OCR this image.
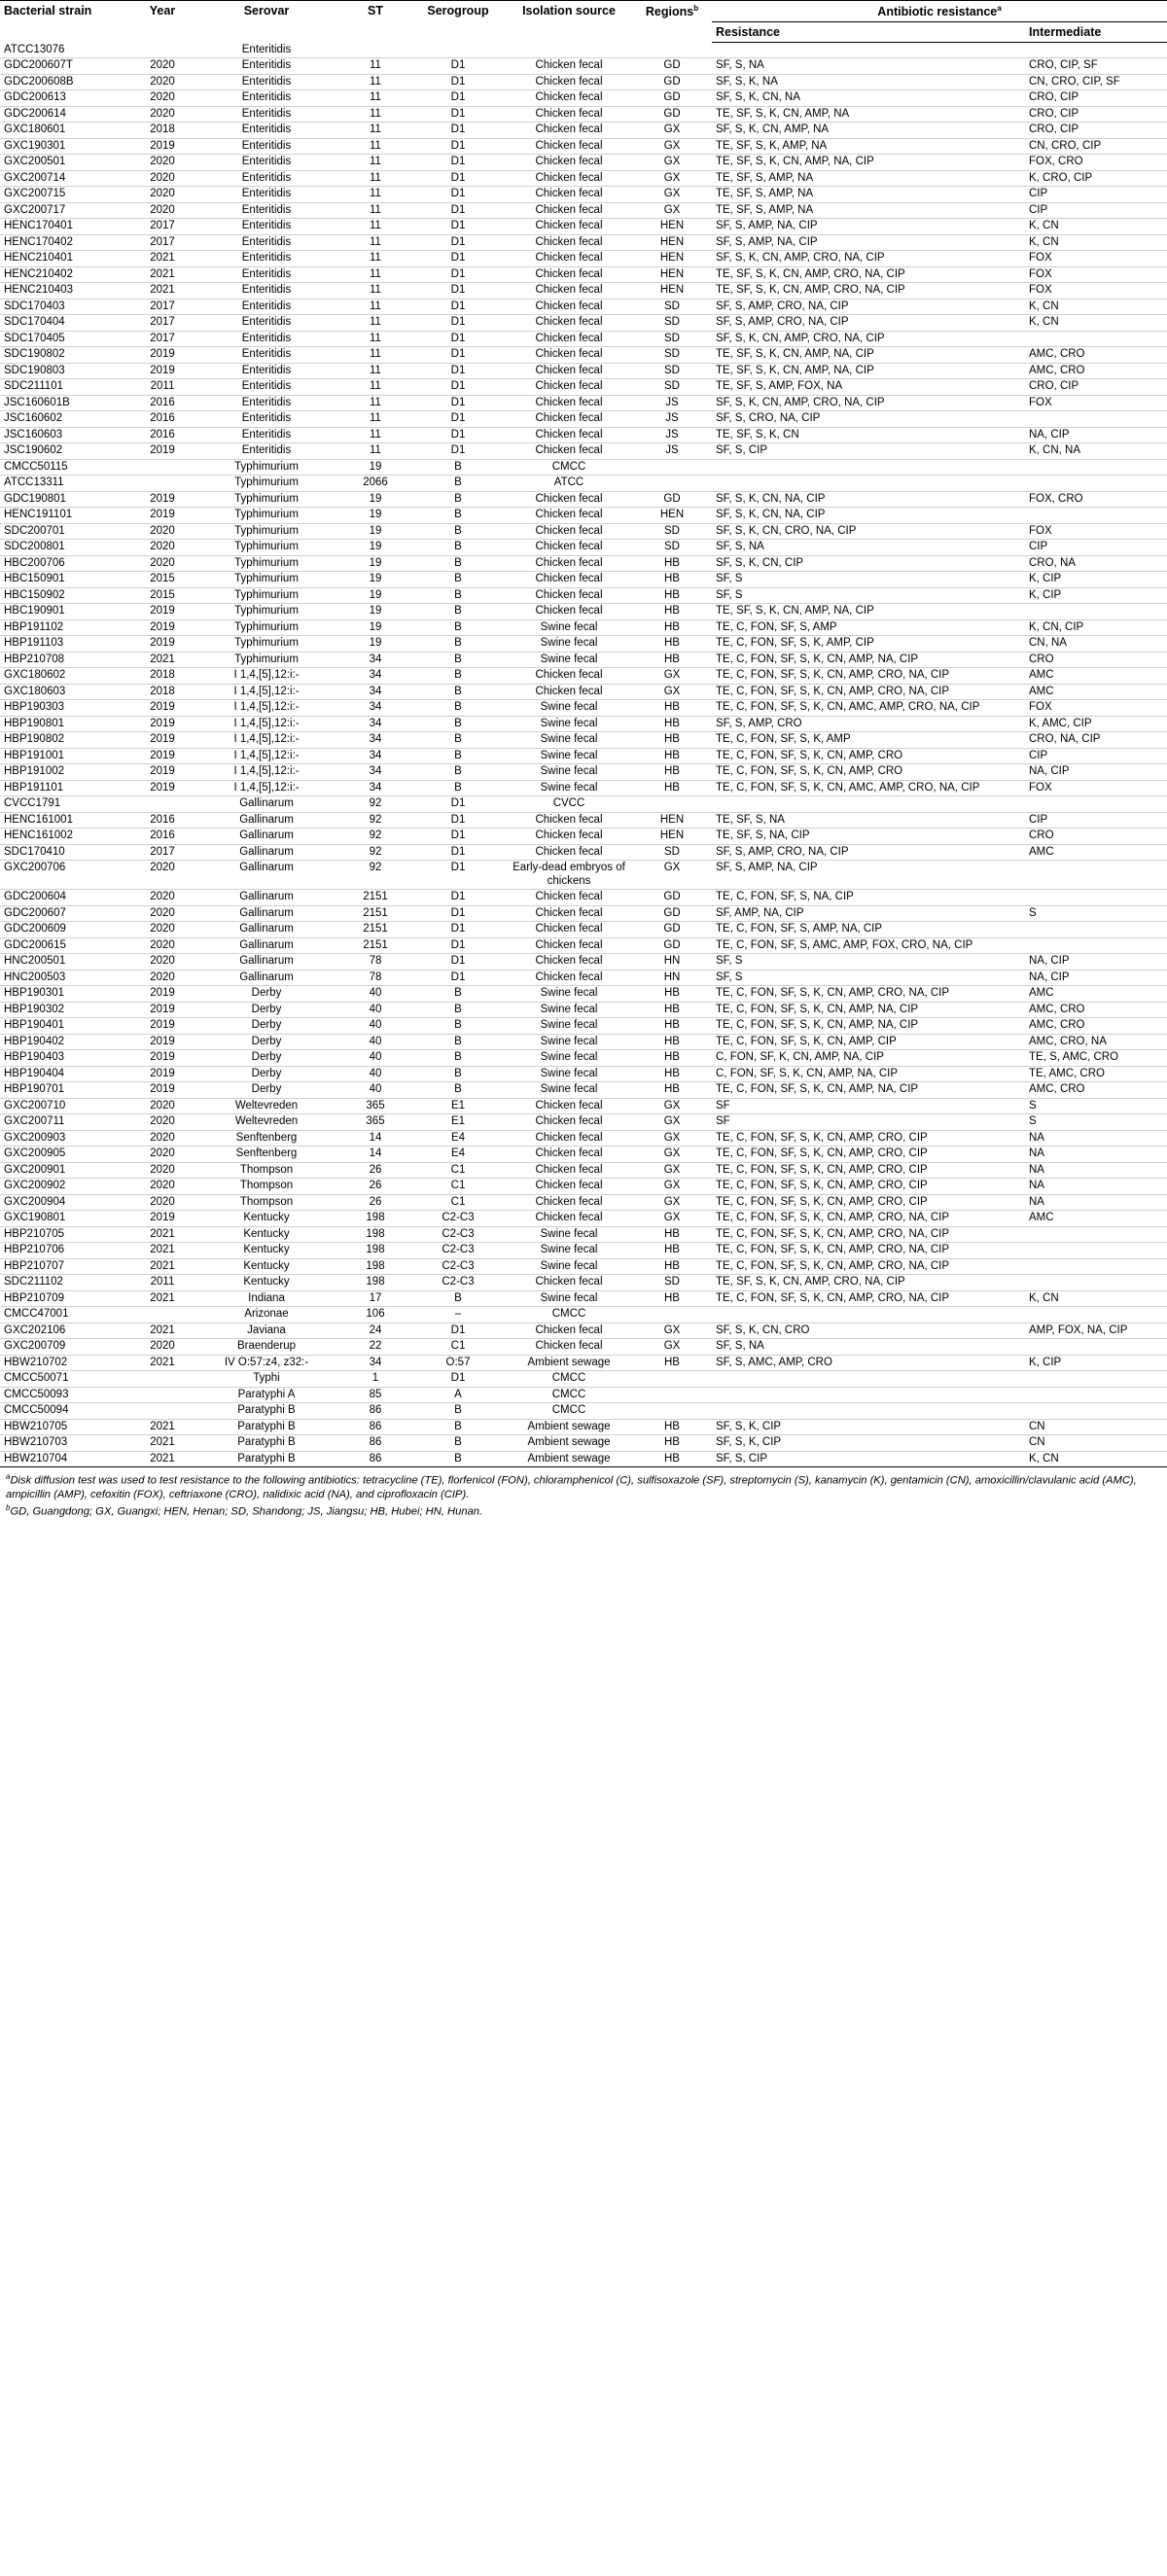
Bacterial strain	Year	Serovar	ST	Serogroup	Isolation source	Regions$^b$	Antibiotic resistance$^a$
							Resistance	Intermediate
ATCC13076		Enteritidis						
GDC200607T	2020	Enteritidis	11	D1	Chicken fecal	GD	SF, S, NA	CRO, CIP, SF
GDC200608B	2020	Enteritidis	11	D1	Chicken fecal	GD	SF, S, K, NA	CN, CRO, CIP, SF
GDC200613	2020	Enteritidis	11	D1	Chicken fecal	GD	SF, S, K, CN, NA	CRO, CIP
GDC200614	2020	Enteritidis	11	D1	Chicken fecal	GD	TE, SF, S, K, CN, AMP, NA	CRO, CIP
GXC180601	2018	Enteritidis	11	D1	Chicken fecal	GX	SF, S, K, CN, AMP, NA	CRO, CIP
GXC190301	2019	Enteritidis	11	D1	Chicken fecal	GX	TE, SF, S, K, AMP, NA	CN, CRO, CIP
GXC200501	2020	Enteritidis	11	D1	Chicken fecal	GX	TE, SF, S, K, CN, AMP, NA, CIP	FOX, CRO
GXC200714	2020	Enteritidis	11	D1	Chicken fecal	GX	TE, SF, S, AMP, NA	K, CRO, CIP
GXC200715	2020	Enteritidis	11	D1	Chicken fecal	GX	TE, SF, S, AMP, NA	CIP
GXC200717	2020	Enteritidis	11	D1	Chicken fecal	GX	TE, SF, S, AMP, NA	CIP
HENC170401	2017	Enteritidis	11	D1	Chicken fecal	HEN	SF, S, AMP, NA, CIP	K, CN
HENC170402	2017	Enteritidis	11	D1	Chicken fecal	HEN	SF, S, AMP, NA, CIP	K, CN
HENC210401	2021	Enteritidis	11	D1	Chicken fecal	HEN	SF, S, K, CN, AMP, CRO, NA, CIP	FOX
HENC210402	2021	Enteritidis	11	D1	Chicken fecal	HEN	TE, SF, S, K, CN, AMP, CRO, NA, CIP	FOX
HENC210403	2021	Enteritidis	11	D1	Chicken fecal	HEN	TE, SF, S, K, CN, AMP, CRO, NA, CIP	FOX
SDC170403	2017	Enteritidis	11	D1	Chicken fecal	SD	SF, S, AMP, CRO, NA, CIP	K, CN
SDC170404	2017	Enteritidis	11	D1	Chicken fecal	SD	SF, S, AMP, CRO, NA, CIP	K, CN
SDC170405	2017	Enteritidis	11	D1	Chicken fecal	SD	SF, S, K, CN, AMP, CRO, NA, CIP	
SDC190802	2019	Enteritidis	11	D1	Chicken fecal	SD	TE, SF, S, K, CN, AMP, NA, CIP	AMC, CRO
SDC190803	2019	Enteritidis	11	D1	Chicken fecal	SD	TE, SF, S, K, CN, AMP, NA, CIP	AMC, CRO
SDC211101	2011	Enteritidis	11	D1	Chicken fecal	SD	TE, SF, S, AMP, FOX, NA	CRO, CIP
JSC160601B	2016	Enteritidis	11	D1	Chicken fecal	JS	SF, S, K, CN, AMP, CRO, NA, CIP	FOX
JSC160602	2016	Enteritidis	11	D1	Chicken fecal	JS	SF, S, CRO, NA, CIP	
JSC160603	2016	Enteritidis	11	D1	Chicken fecal	JS	TE, SF, S, K, CN	NA, CIP
JSC190602	2019	Enteritidis	11	D1	Chicken fecal	JS	SF, S, CIP	K, CN, NA
CMCC50115		Typhimurium	19	B	CMCC			
ATCC13311		Typhimurium	2066	B	ATCC			
GDC190801	2019	Typhimurium	19	B	Chicken fecal	GD	SF, S, K, CN, NA, CIP	FOX, CRO
HENC191101	2019	Typhimurium	19	B	Chicken fecal	HEN	SF, S, K, CN, NA, CIP	
SDC200701	2020	Typhimurium	19	B	Chicken fecal	SD	SF, S, K, CN, CRO, NA, CIP	FOX
SDC200801	2020	Typhimurium	19	B	Chicken fecal	SD	SF, S, NA	CIP
HBC200706	2020	Typhimurium	19	B	Chicken fecal	HB	SF, S, K, CN, CIP	CRO, NA
HBC150901	2015	Typhimurium	19	B	Chicken fecal	HB	SF, S	K, CIP
HBC150902	2015	Typhimurium	19	B	Chicken fecal	HB	SF, S	K, CIP
HBC190901	2019	Typhimurium	19	B	Chicken fecal	HB	TE, SF, S, K, CN, AMP, NA, CIP	
HBP191102	2019	Typhimurium	19	B	Swine fecal	HB	TE, C, FON, SF, S, AMP	K, CN, CIP
HBP191103	2019	Typhimurium	19	B	Swine fecal	HB	TE, C, FON, SF, S, K, AMP, CIP	CN, NA
HBP210708	2021	Typhimurium	34	B	Swine fecal	HB	TE, C, FON, SF, S, K, CN, AMP, NA, CIP	CRO
GXC180602	2018	I 1,4,[5],12:i:-	34	B	Chicken fecal	GX	TE, C, FON, SF, S, K, CN, AMP, CRO, NA, CIP	AMC
GXC180603	2018	I 1,4,[5],12:i:-	34	B	Chicken fecal	GX	TE, C, FON, SF, S, K, CN, AMP, CRO, NA, CIP	AMC
HBP190303	2019	I 1,4,[5],12:i:-	34	B	Swine fecal	HB	TE, C, FON, SF, S, K, CN, AMC, AMP, CRO, NA, CIP	FOX
HBP190801	2019	I 1,4,[5],12:i:-	34	B	Swine fecal	HB	SF, S, AMP, CRO	K, AMC, CIP
HBP190802	2019	I 1,4,[5],12:i:-	34	B	Swine fecal	HB	TE, C, FON, SF, S, K, AMP	CRO, NA, CIP
HBP191001	2019	I 1,4,[5],12:i:-	34	B	Swine fecal	HB	TE, C, FON, SF, S, K, CN, AMP, CRO	CIP
HBP191002	2019	I 1,4,[5],12:i:-	34	B	Swine fecal	HB	TE, C, FON, SF, S, K, CN, AMP, CRO	NA, CIP
HBP191101	2019	I 1,4,[5],12:i:-	34	B	Swine fecal	HB	TE, C, FON, SF, S, K, CN, AMC, AMP, CRO, NA, CIP	FOX
CVCC1791		Gallinarum	92	D1	CVCC			
HENC161001	2016	Gallinarum	92	D1	Chicken fecal	HEN	TE, SF, S, NA	CIP
HENC161002	2016	Gallinarum	92	D1	Chicken fecal	HEN	TE, SF, S, NA, CIP	CRO
SDC170410	2017	Gallinarum	92	D1	Chicken fecal	SD	SF, S, AMP, CRO, NA, CIP	AMC
GXC200706	2020	Gallinarum	92	D1	Early-dead embryos of chickens	GX	SF, S, AMP, NA, CIP	
GDC200604	2020	Gallinarum	2151	D1	Chicken fecal	GD	TE, C, FON, SF, S, NA, CIP	
GDC200607	2020	Gallinarum	2151	D1	Chicken fecal	GD	SF, AMP, NA, CIP	S
GDC200609	2020	Gallinarum	2151	D1	Chicken fecal	GD	TE, C, FON, SF, S, AMP, NA, CIP	
GDC200615	2020	Gallinarum	2151	D1	Chicken fecal	GD	TE, C, FON, SF, S, AMC, AMP, FOX, CRO, NA, CIP	
HNC200501	2020	Gallinarum	78	D1	Chicken fecal	HN	SF, S	NA, CIP
HNC200503	2020	Gallinarum	78	D1	Chicken fecal	HN	SF, S	NA, CIP
HBP190301	2019	Derby	40	B	Swine fecal	HB	TE, C, FON, SF, S, K, CN, AMP, CRO, NA, CIP	AMC
HBP190302	2019	Derby	40	B	Swine fecal	HB	TE, C, FON, SF, S, K, CN, AMP, NA, CIP	AMC, CRO
HBP190401	2019	Derby	40	B	Swine fecal	HB	TE, C, FON, SF, S, K, CN, AMP, NA, CIP	AMC, CRO
HBP190402	2019	Derby	40	B	Swine fecal	HB	TE, C, FON, SF, S, K, CN, AMP, CIP	AMC, CRO, NA
HBP190403	2019	Derby	40	B	Swine fecal	HB	C, FON, SF, K, CN, AMP, NA, CIP	TE, S, AMC, CRO
HBP190404	2019	Derby	40	B	Swine fecal	HB	C, FON, SF, S, K, CN, AMP, NA, CIP	TE, AMC, CRO
HBP190701	2019	Derby	40	B	Swine fecal	HB	TE, C, FON, SF, S, K, CN, AMP, NA, CIP	AMC, CRO
GXC200710	2020	Weltevreden	365	E1	Chicken fecal	GX	SF	S
GXC200711	2020	Weltevreden	365	E1	Chicken fecal	GX	SF	S
GXC200903	2020	Senftenberg	14	E4	Chicken fecal	GX	TE, C, FON, SF, S, K, CN, AMP, CRO, CIP	NA
GXC200905	2020	Senftenberg	14	E4	Chicken fecal	GX	TE, C, FON, SF, S, K, CN, AMP, CRO, CIP	NA
GXC200901	2020	Thompson	26	C1	Chicken fecal	GX	TE, C, FON, SF, S, K, CN, AMP, CRO, CIP	NA
GXC200902	2020	Thompson	26	C1	Chicken fecal	GX	TE, C, FON, SF, S, K, CN, AMP, CRO, CIP	NA
GXC200904	2020	Thompson	26	C1	Chicken fecal	GX	TE, C, FON, SF, S, K, CN, AMP, CRO, CIP	NA
GXC190801	2019	Kentucky	198	C2-C3	Chicken fecal	GX	TE, C, FON, SF, S, K, CN, AMP, CRO, NA, CIP	AMC
HBP210705	2021	Kentucky	198	C2-C3	Swine fecal	HB	TE, C, FON, SF, S, K, CN, AMP, CRO, NA, CIP	
HBP210706	2021	Kentucky	198	C2-C3	Swine fecal	HB	TE, C, FON, SF, S, K, CN, AMP, CRO, NA, CIP	
HBP210707	2021	Kentucky	198	C2-C3	Swine fecal	HB	TE, C, FON, SF, S, K, CN, AMP, CRO, NA, CIP	
SDC211102	2011	Kentucky	198	C2-C3	Chicken fecal	SD	TE, SF, S, K, CN, AMP, CRO, NA, CIP	
HBP210709	2021	Indiana	17	B	Swine fecal	HB	TE, C, FON, SF, S, K, CN, AMP, CRO, NA, CIP	K, CN
CMCC47001		Arizonae	106	–	CMCC			
GXC202106	2021	Javiana	24	D1	Chicken fecal	GX	SF, S, K, CN, CRO	AMP, FOX, NA, CIP
GXC200709	2020	Braenderup	22	C1	Chicken fecal	GX	SF, S, NA	
HBW210702	2021	IV O:57:z4, z32:-	34	O:57	Ambient sewage	HB	SF, S, AMC, AMP, CRO	K, CIP
CMCC50071		Typhi	1	D1	CMCC			
CMCC50093		Paratyphi A	85	A	CMCC			
CMCC50094		Paratyphi B	86	B	CMCC			
HBW210705	2021	Paratyphi B	86	B	Ambient sewage	HB	SF, S, K, CIP	CN
HBW210703	2021	Paratyphi B	86	B	Ambient sewage	HB	SF, S, K, CIP	CN
HBW210704	2021	Paratyphi B	86	B	Ambient sewage	HB	SF, S, CIP	K, CN
$^a$Disk diffusion test was used to test resistance to the following antibiotics: tetracycline (TE), florfenicol (FON), chloramphenicol (C), sulfisoxazole (SF), streptomycin (S), kanamycin (K), gentamicin (CN), amoxicillin/clavulanic acid (AMC), ampicillin (AMP), cefoxitin (FOX), ceftriaxone (CRO), nalidixic acid (NA), and ciprofloxacin (CIP).
$^b$GD, Guangdong; GX, Guangxi; HEN, Henan; SD, Shandong; JS, Jiangsu; HB, Hubei; HN, Hunan.
